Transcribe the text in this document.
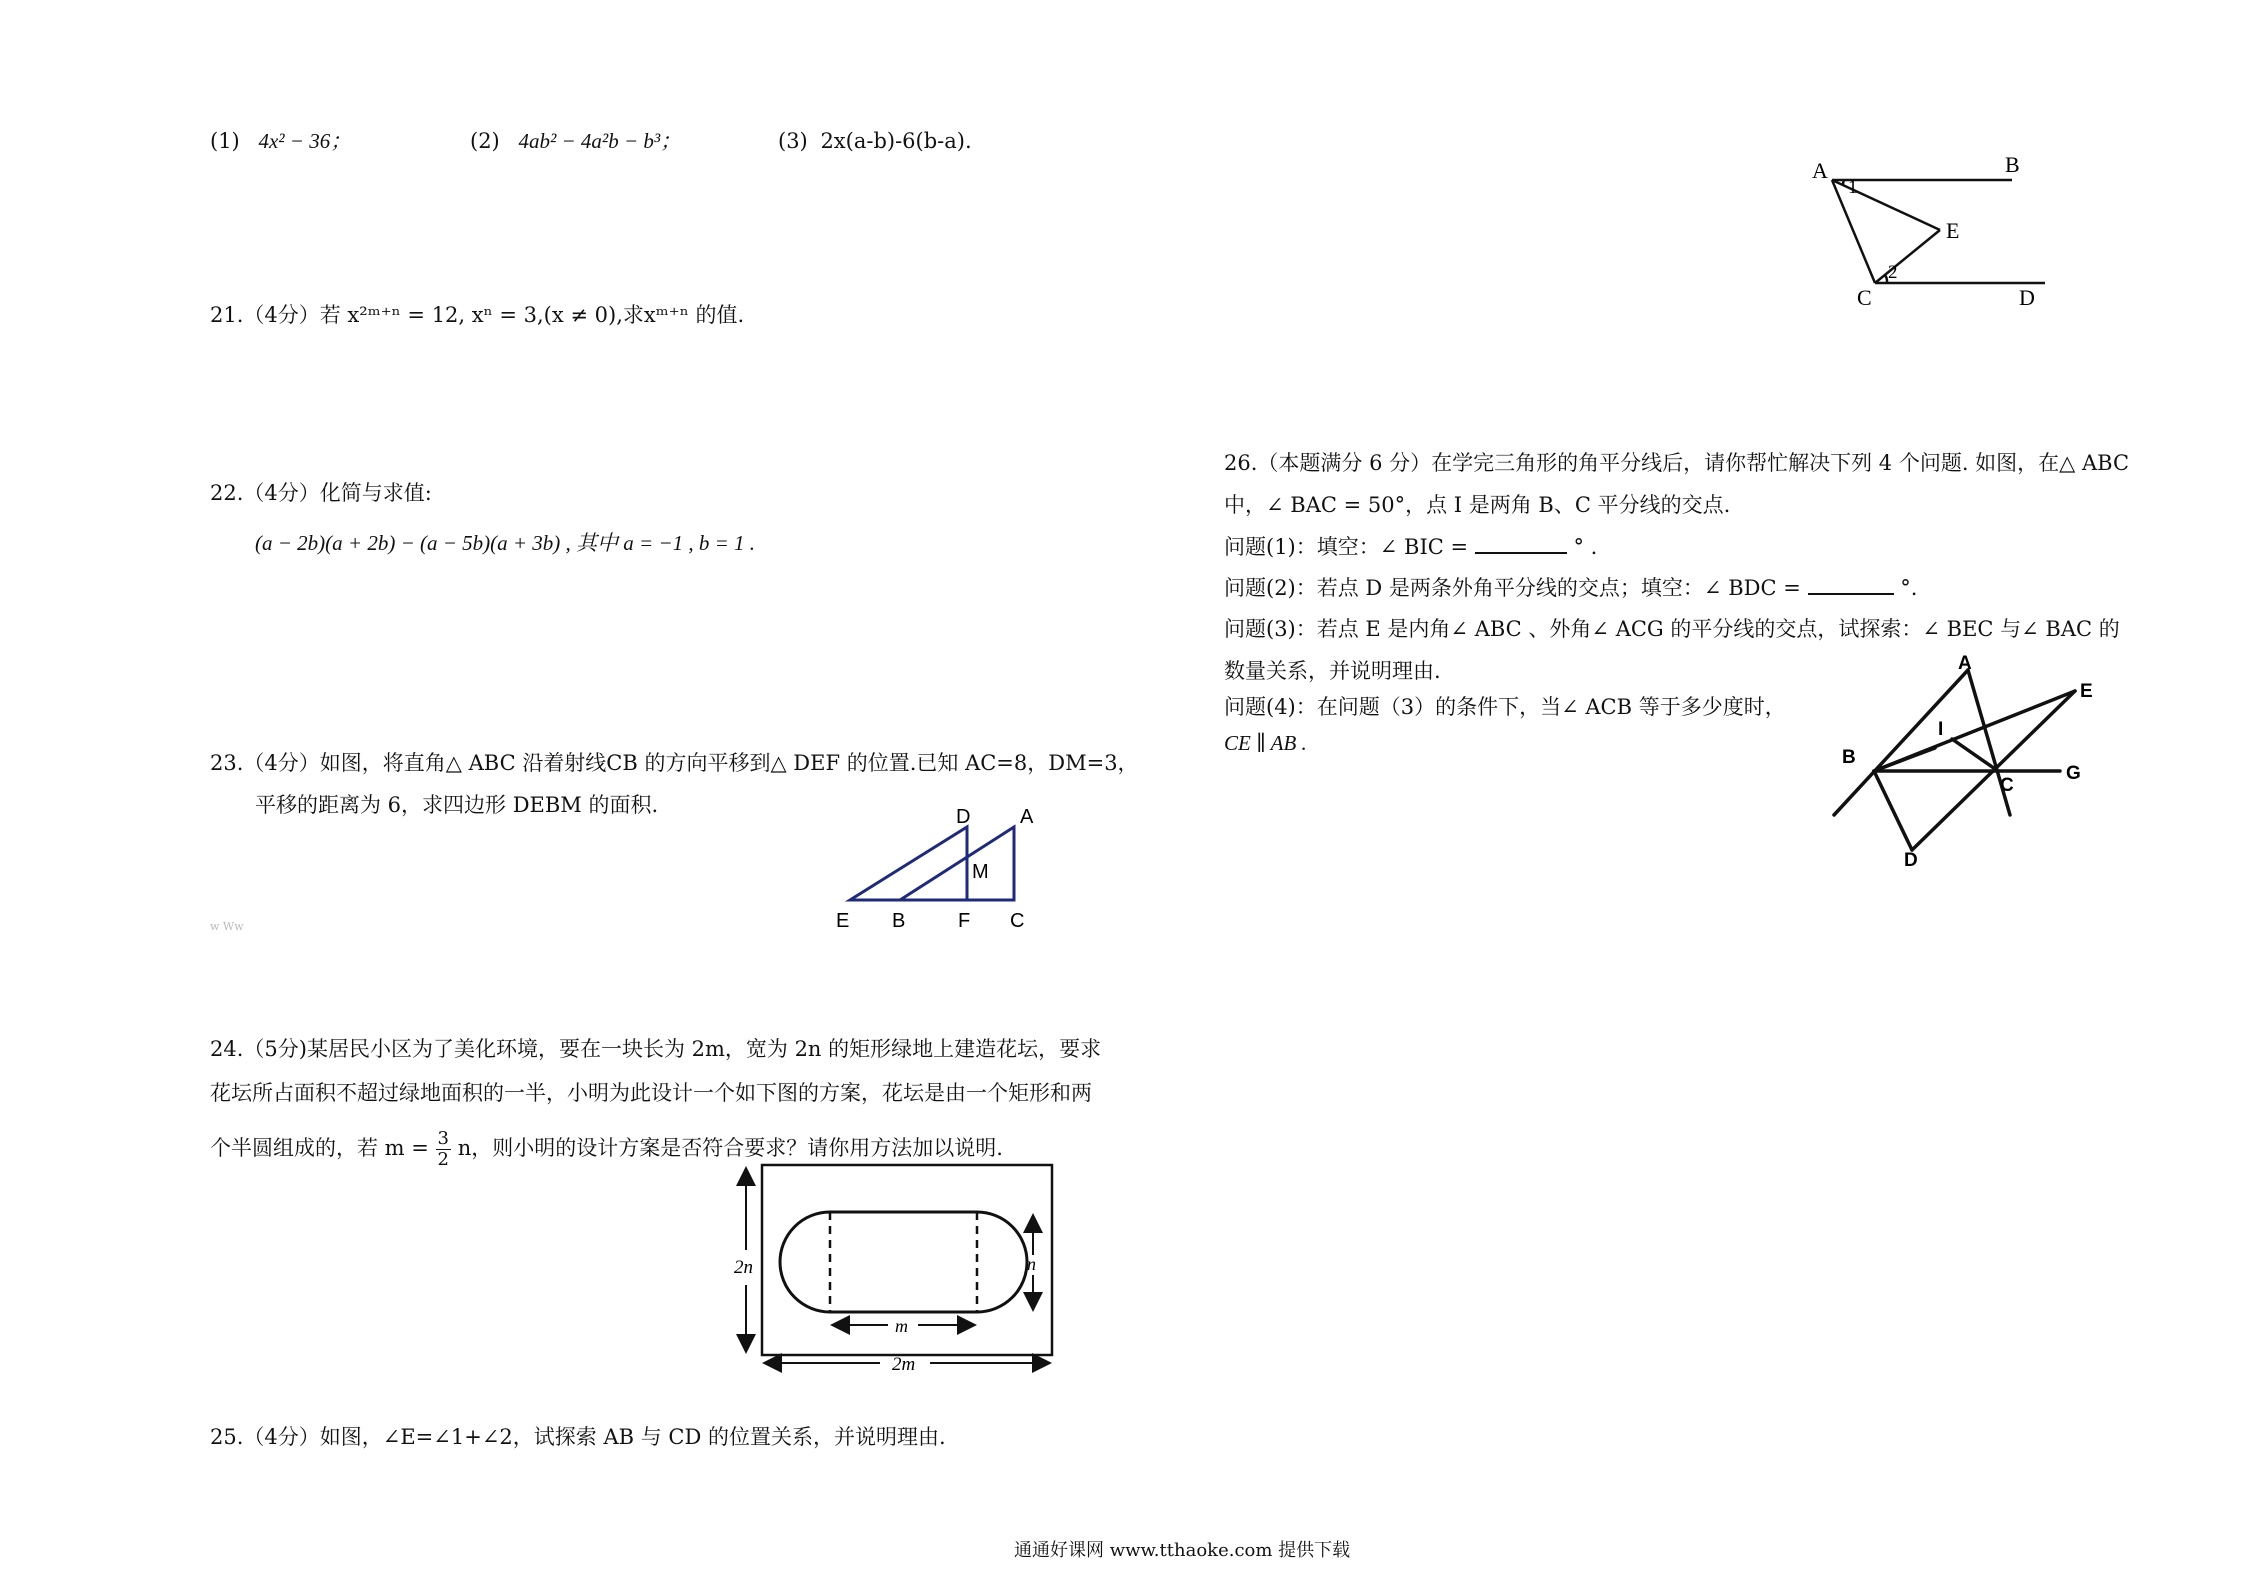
(1) 4x² − 36；	(2) 4ab² − 4a²b − b³；	(3) 2x(a-b)-6(b-a).
21.（4分）若 x²ᵐ⁺ⁿ = 12, xⁿ = 3,(x ≠ 0),求xᵐ⁺ⁿ 的值.
22.（4分）化简与求值:
(a − 2b)(a + 2b) − (a − 5b)(a + 3b) , 其中 a = −1 , b = 1 .
23.（4分）如图，将直角△ ABC 沿着射线CB 的方向平移到△ DEF 的位置.已知 AC=8，DM=3，
平移的距离为 6，求四边形 DEBM 的面积.
w Ww
D A
M
E B	F C
24.（5分)某居民小区为了美化环境，要在一块长为 2m，宽为 2n 的矩形绿地上建造花坛，要求
花坛所占面积不超过绿地面积的一半，小明为此设计一个如下图的方案，花坛是由一个矩形和两
个半圆组成的，若 $m = \frac{3}{2}$ n，则小明的设计方案是否符合要求？请你用方法加以说明.
2n	n
m
2m
25.（4分）如图，∠E=∠1+∠2，试探索 AB 与 CD 的位置关系，并说明理由.
A	B
1
E
2
C	D
26.（本题满分 6 分）在学完三角形的角平分线后，请你帮忙解决下列 4 个问题. 如图，在△ ABC
中，∠ BAC = 50°，点 I 是两角 B、C 平分线的交点.
问题(1)：填空：∠ BIC =	° .
问题(2)：若点 D 是两条外角平分线的交点；填空：∠ BDC =	°.
问题(3)：若点 E 是内角∠ ABC 、外角∠ ACG 的平分线的交点，试探索：∠ BEC 与∠ BAC 的
数量关系，并说明理由.
问题(4)：在问题（3）的条件下，当∠ ACB 等于多少度时，
CE ∥ AB .
A
E
I
B
C
G
D
通通好课网 www.tthaoke.com 提供下载
